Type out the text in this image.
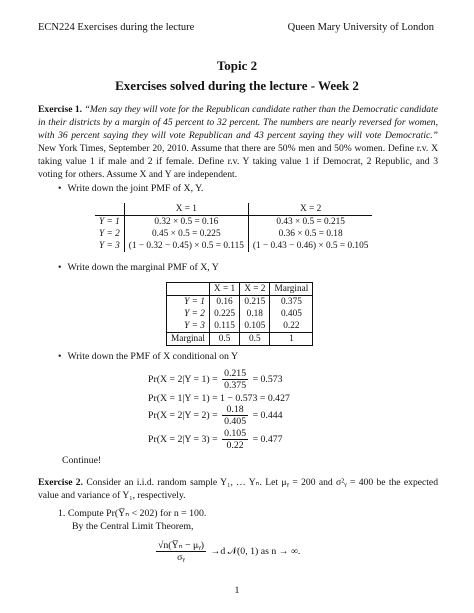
ECN224 Exercises during the lecture	Queen Mary University of London
Topic 2
Exercises solved during the lecture - Week 2
Exercise 1. “Men say they will vote for the Republican candidate rather than the Democratic candidate in their districts by a margin of 45 percent to 32 percent. The numbers are nearly reversed for women, with 36 percent saying they will vote Republican and 43 percent saying they will vote Democratic.” New York Times, September 20, 2010. Assume that there are 50% men and 50% women. Define r.v. X taking value 1 if male and 2 if female. Define r.v. Y taking value 1 if Democrat, 2 Republic, and 3 voting for others. Assume X and Y are independent.
• Write down the joint PMF of X, Y.
	X = 1	X = 2
Y = 1	0.32 × 0.5 = 0.16	0.43 × 0.5 = 0.215
Y = 2	0.45 × 0.5 = 0.225	0.36 × 0.5 = 0.18
Y = 3	(1 − 0.32 − 0.45) × 0.5 = 0.115	(1 − 0.43 − 0.46) × 0.5 = 0.105
• Write down the marginal PMF of X, Y
	X = 1	X = 2	Marginal
Y = 1	0.16	0.215	0.375
Y = 2	0.225	0.18	0.405
Y = 3	0.115	0.105	0.22
Marginal	0.5	0.5	1
• Write down the PMF of X conditional on Y
$Pr(X = 2|Y = 1) = \frac{0.215}{0.375} = 0.573$
Pr(X = 1|Y = 1) = 1 − 0.573 = 0.427
$Pr(X = 2|Y = 2) = \frac{0.18}{0.405} = 0.444$
$Pr(X = 2|Y = 3) = \frac{0.105}{0.22} = 0.477$
Continue!
Exercise 2. Consider an i.i.d. random sample Y₁, … Yₙ. Let μᵧ = 200 and σ²ᵧ = 400 be the expected value and variance of Y₁, respectively.
1. Compute Pr(Y̅ₙ < 202) for n = 100.
By the Central Limit Theorem,
$\frac{\text{√n(Y̅ₙ − μᵧ)}}{\text{σᵧ}} \to d$ 𝒩(0, 1) as n → ∞.
1
